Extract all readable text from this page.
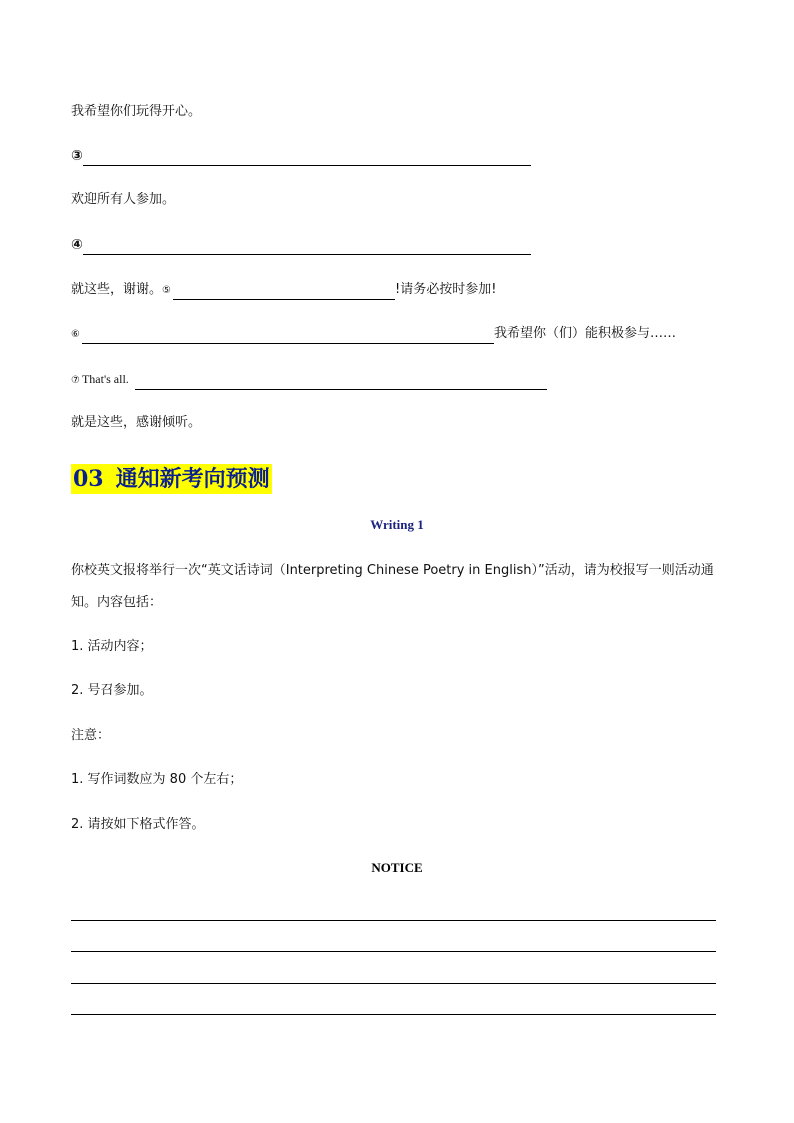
我希望你们玩得开心。
③
欢迎所有人参加。
④
就这些，谢谢。⑤	!请务必按时参加!
⑥	我希望你（们）能积极参与……
⑦ That's all.
就是这些，感谢倾听。
03 通知新考向预测
Writing 1
你校英文报将举行一次“英文话诗词（Interpreting Chinese Poetry in English）”活动，请为校报写一则活动通
知。内容包括：
1. 活动内容；
2. 号召参加。
注意：
1. 写作词数应为 80 个左右；
2. 请按如下格式作答。
NOTICE
